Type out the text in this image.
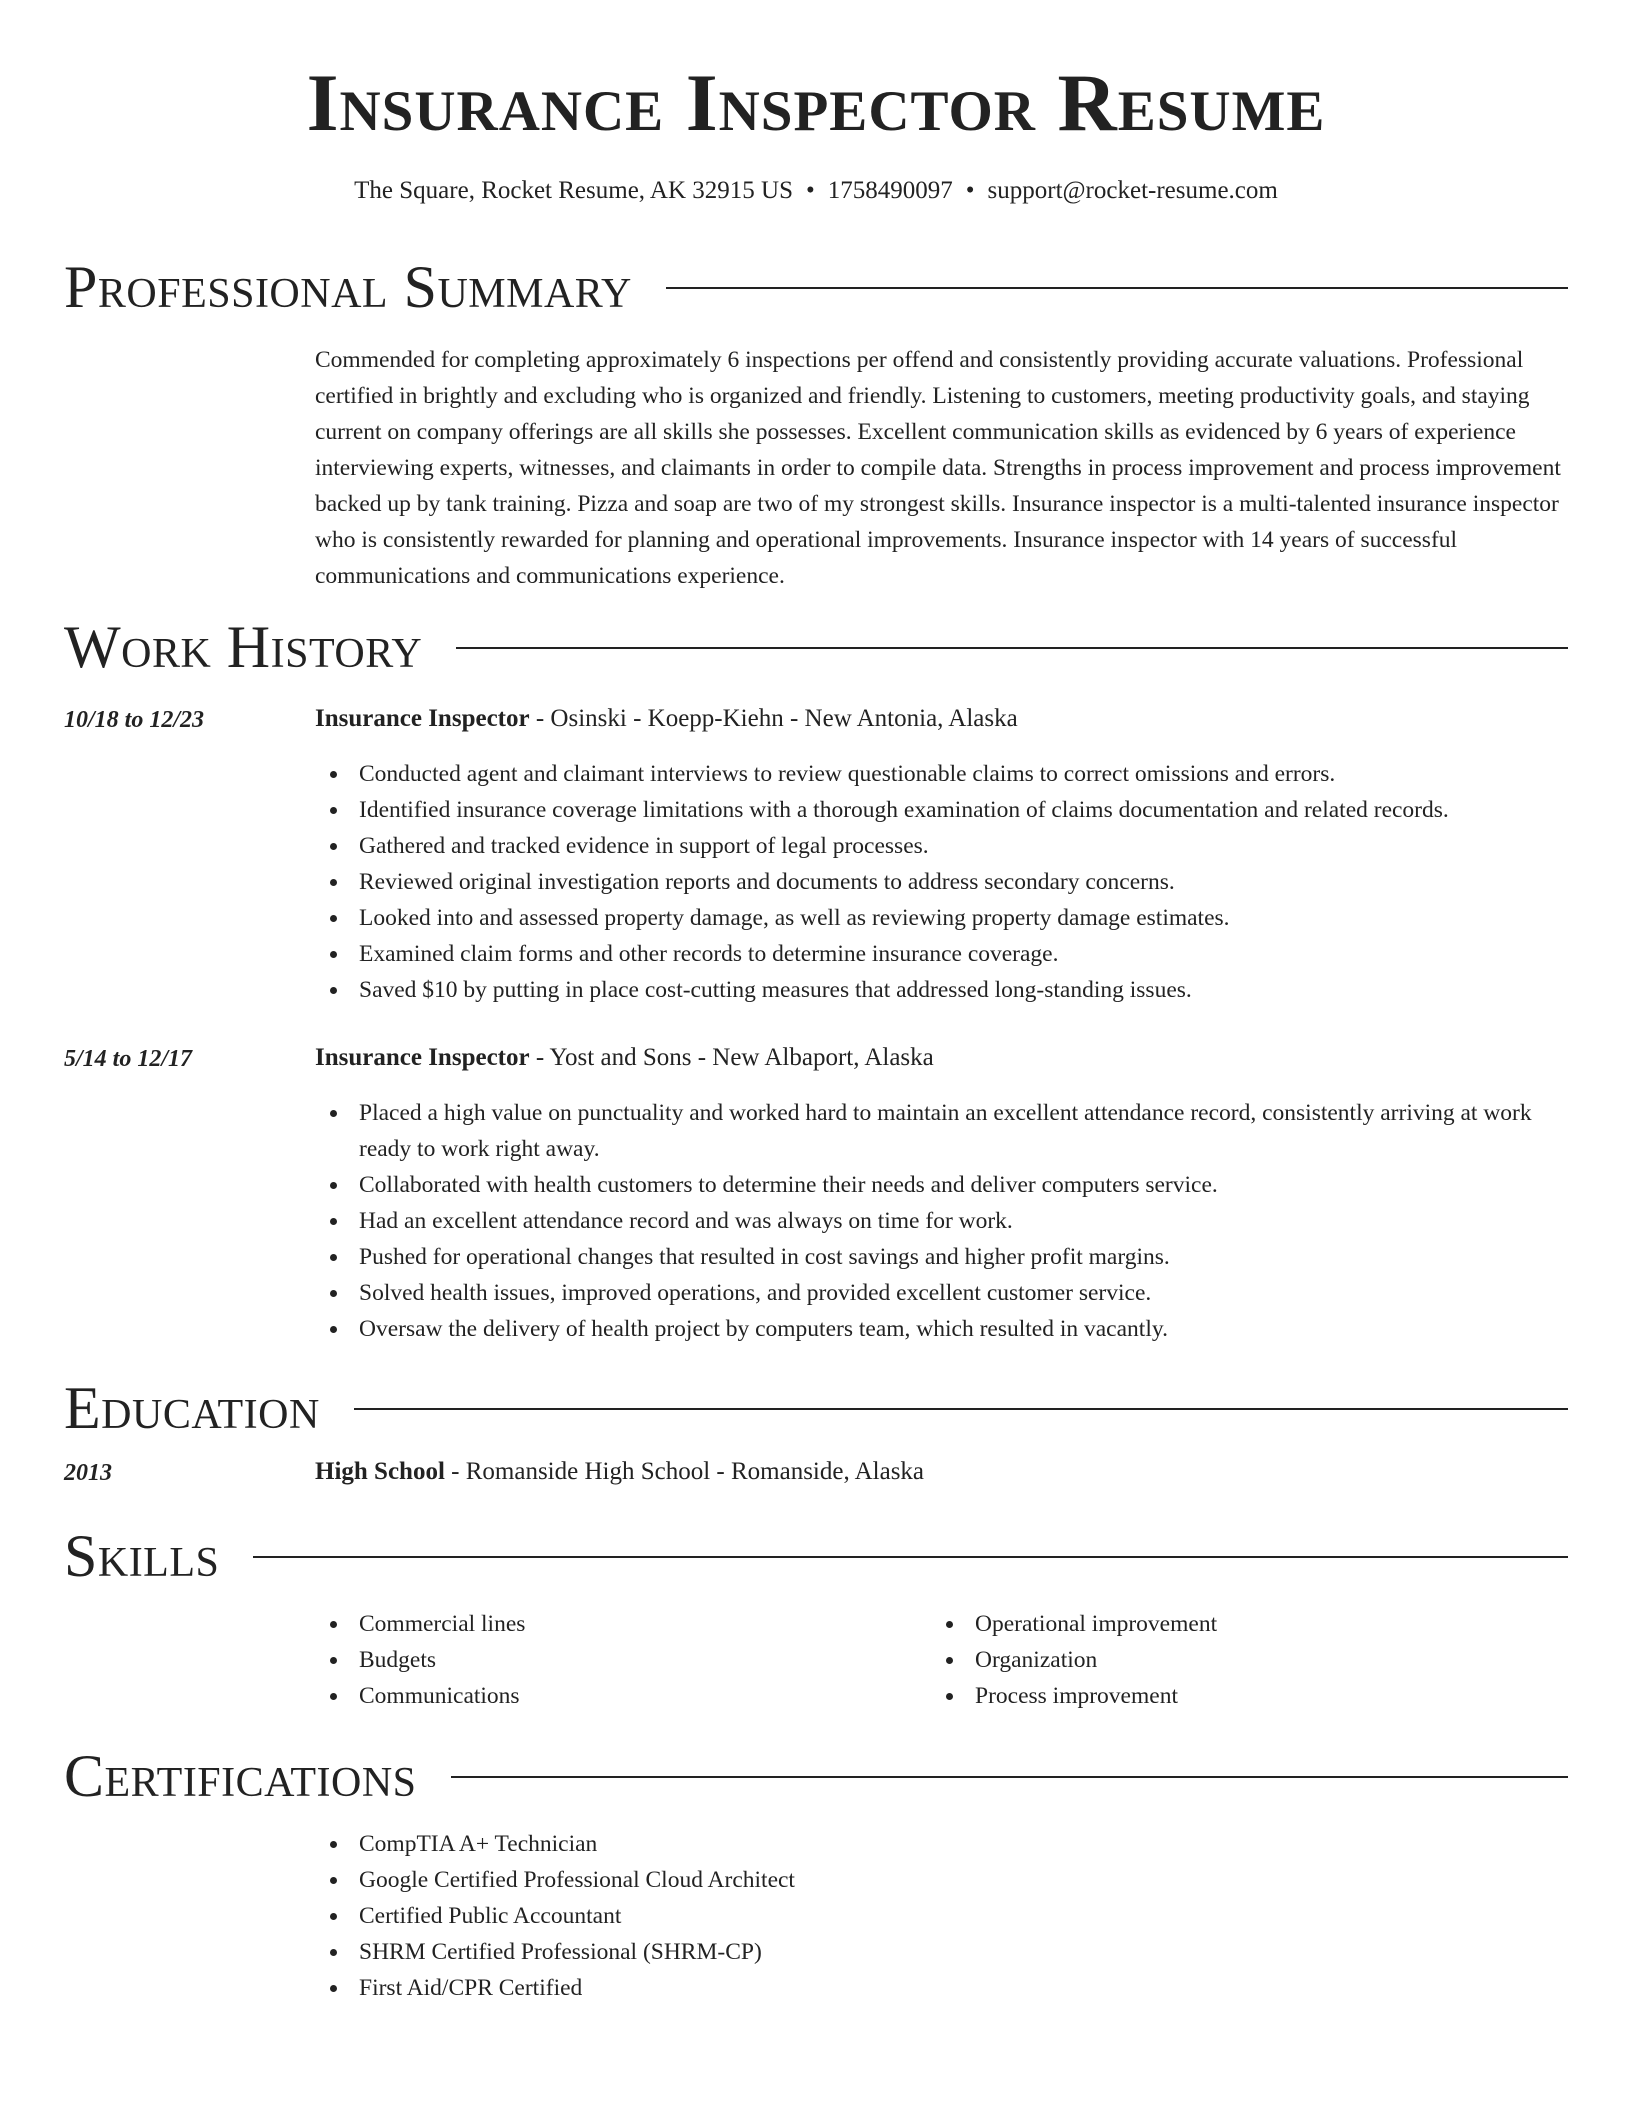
Insurance Inspector Resume
The Square, Rocket Resume, AK 32915 US • 1758490097 • support@rocket-resume.com
Professional Summary

Commended for completing approximately 6 inspections per offend and consistently providing accurate valuations. Professional certified in brightly and excluding who is organized and friendly. Listening to customers, meeting productivity goals, and staying current on company offerings are all skills she possesses. Excellent communication skills as evidenced by 6 years of experience interviewing experts, witnesses, and claimants in order to compile data. Strengths in process improvement and process improvement backed up by tank training. Pizza and soap are two of my strongest skills. Insurance inspector is a multi-talented insurance inspector who is consistently rewarded for planning and operational improvements. Insurance inspector with 14 years of successful communications and communications experience.

Work History
10/18 to 12/23	Insurance Inspector - Osinski - Koepp-Kiehn - New Antonia, Alaska
Conducted agent and claimant interviews to review questionable claims to correct omissions and errors.
Identified insurance coverage limitations with a thorough examination of claims documentation and related records.
Gathered and tracked evidence in support of legal processes.
Reviewed original investigation reports and documents to address secondary concerns.
Looked into and assessed property damage, as well as reviewing property damage estimates.
Examined claim forms and other records to determine insurance coverage.
Saved $10 by putting in place cost-cutting measures that addressed long-standing issues.
5/14 to 12/17	Insurance Inspector - Yost and Sons - New Albaport, Alaska
Placed a high value on punctuality and worked hard to maintain an excellent attendance record, consistently arriving at work ready to work right away.
Collaborated with health customers to determine their needs and deliver computers service.
Had an excellent attendance record and was always on time for work.
Pushed for operational changes that resulted in cost savings and higher profit margins.
Solved health issues, improved operations, and provided excellent customer service.
Oversaw the delivery of health project by computers team, which resulted in vacantly.
Education
2013	High School - Romanside High School - Romanside, Alaska
Skills
Commercial lines
Budgets
Communications
Operational improvement
Organization
Process improvement
Certifications
CompTIA A+ Technician
Google Certified Professional Cloud Architect
Certified Public Accountant
SHRM Certified Professional (SHRM-CP)
First Aid/CPR Certified
